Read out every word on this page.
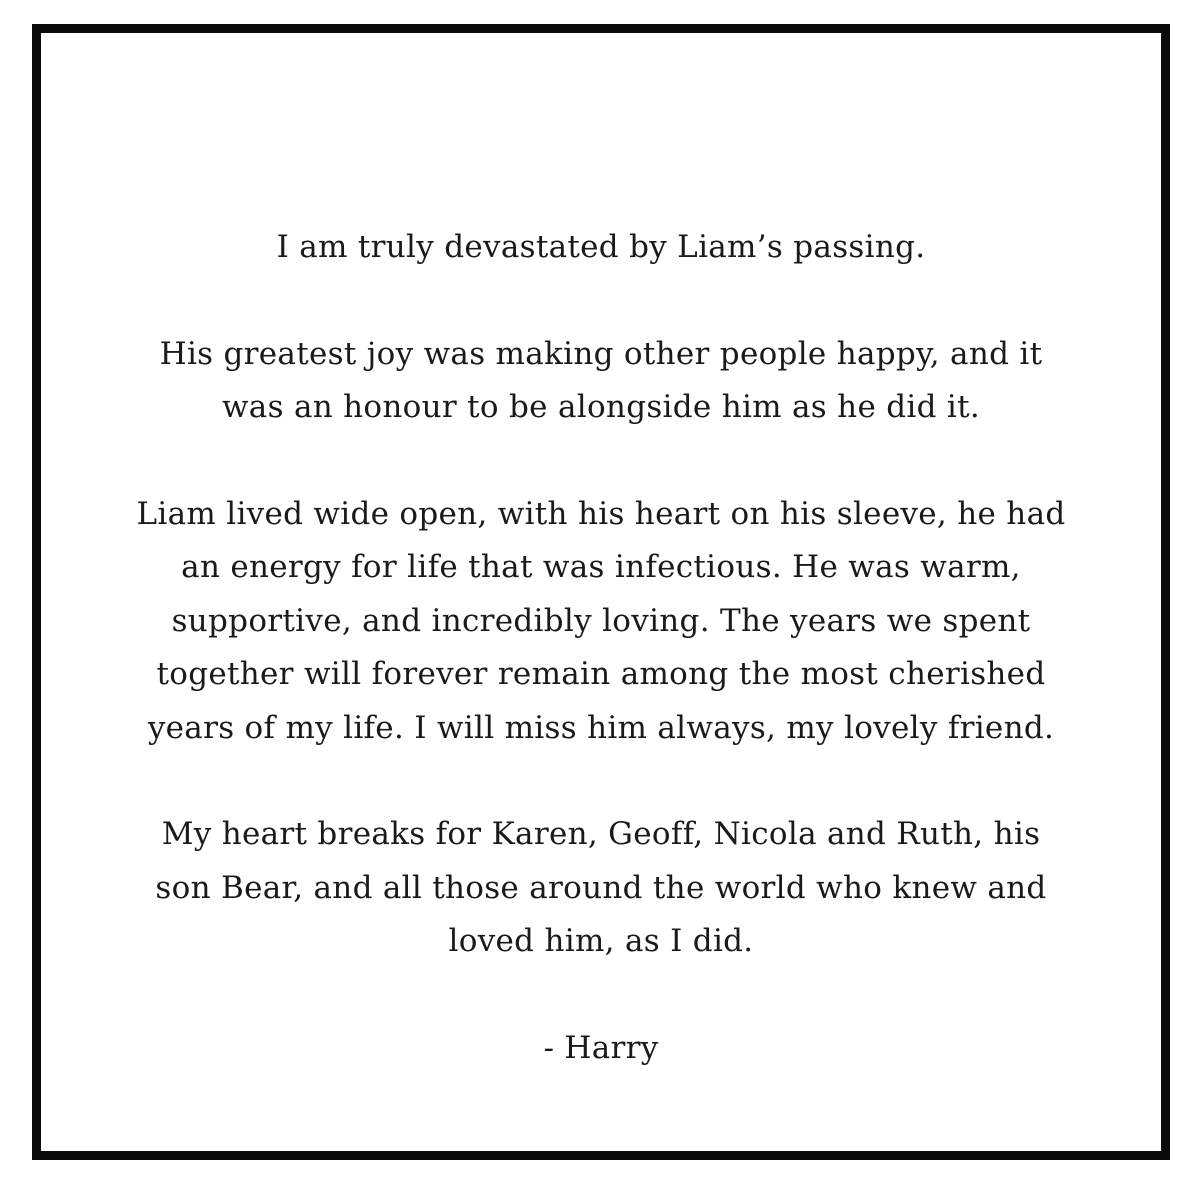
I am truly devastated by Liam’s passing.

His greatest joy was making other people happy, and it
was an honour to be alongside him as he did it.

Liam lived wide open, with his heart on his sleeve, he had
an energy for life that was infectious. He was warm,
supportive, and incredibly loving. The years we spent
together will forever remain among the most cherished
years of my life. I will miss him always, my lovely friend.

My heart breaks for Karen, Geoff, Nicola and Ruth, his
son Bear, and all those around the world who knew and
loved him, as I did.

- Harry
